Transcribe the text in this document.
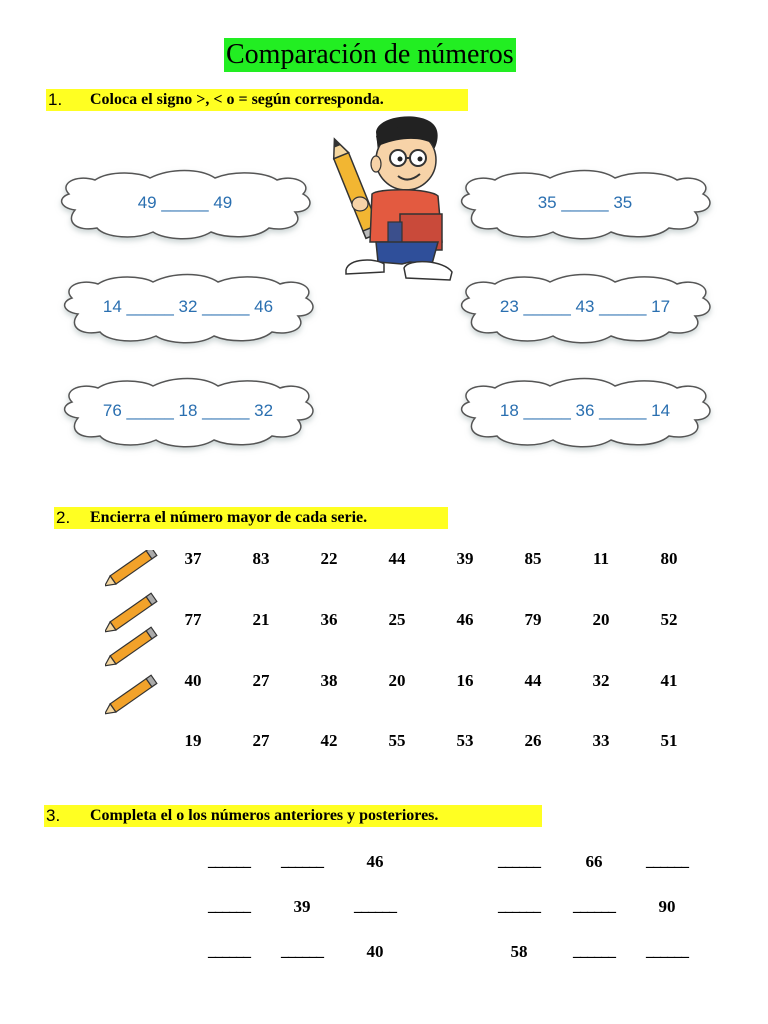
Comparación de números
1. Coloca el signo >, < o = según corresponda.
49 _____ 49	35 _____ 35
14 _____ 32 _____ 46	23 _____ 43 _____ 17
76 _____ 18 _____ 32	18 _____ 36 _____ 14
2. Encierra el número mayor de cada serie.
37	83	22	44	39	85	11	80
77	21	36	25	46	79	20	52
40	27	38	20	16	44	32	41
19	27	42	55	53	26	33	51
3. Completa el o los números anteriores y posteriores.
______	______	46	______	66	______
______	39	______	______	______	90
______	______	40	58	______	______
